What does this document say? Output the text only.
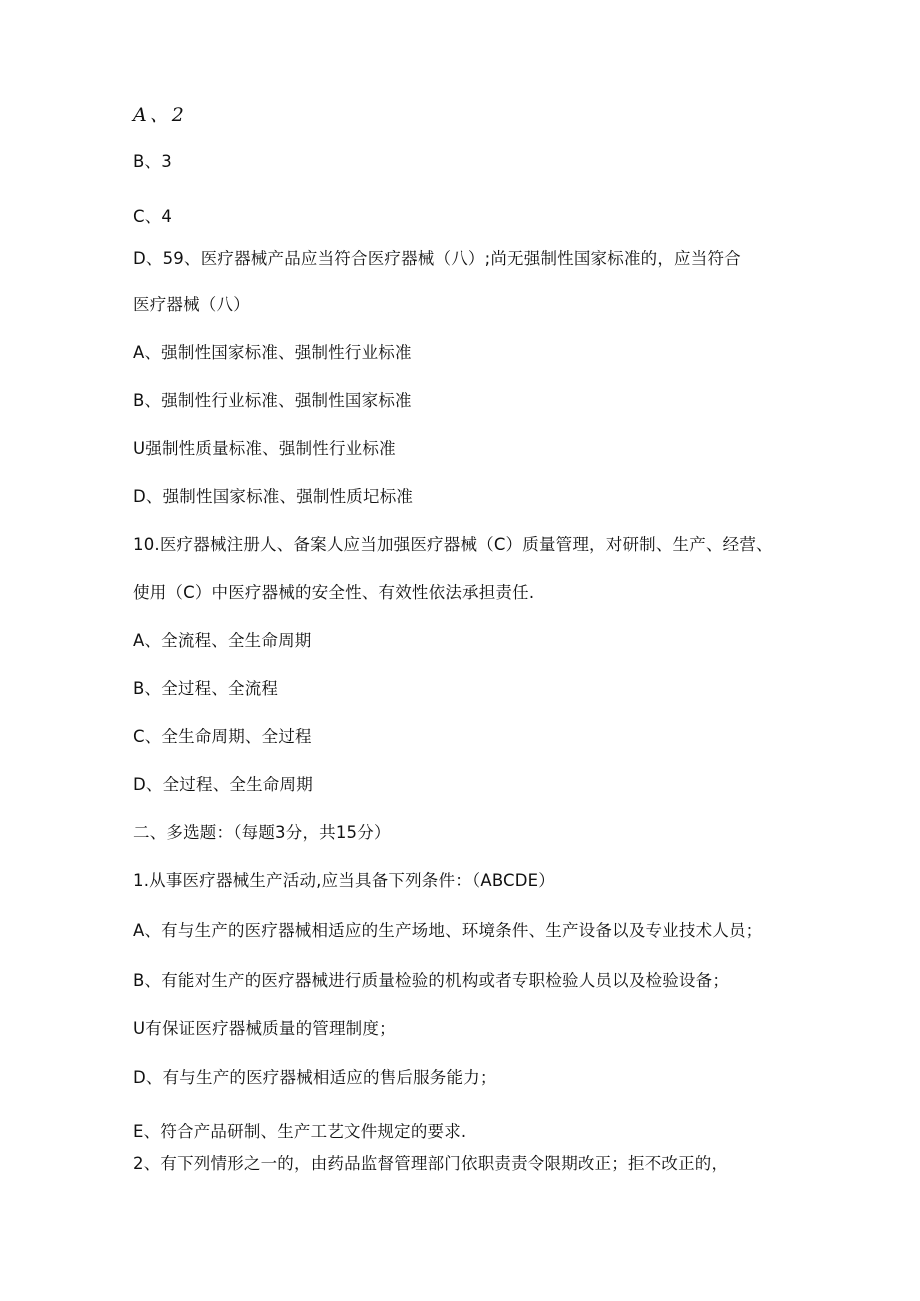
A、2
B、3
C、4
D、59、医疗器械产品应当符合医疗器械（八）;尚无强制性国家标准的，应当符合
医疗器械（八）
A、强制性国家标准、强制性行业标准
B、强制性行业标准、强制性国家标准
U强制性质量标准、强制性行业标准
D、强制性国家标准、强制性质圮标准
10.医疗器械注册人、备案人应当加强医疗器械（C）质量管理，对研制、生产、经营、
使用（C）中医疗器械的安全性、有效性依法承担责任.
A、全流程、全生命周期
B、全过程、全流程
C、全生命周期、全过程
D、全过程、全生命周期
二、多选题：（每题3分，共15分）
1.从事医疗器械生产活动,应当具备下列条件：（ABCDE）
A、有与生产的医疗器械相适应的生产场地、环境条件、生产设备以及专业技术人员；
B、有能对生产的医疗器械进行质量检验的机构或者专职检验人员以及检验设备；
U有保证医疗器械质量的管理制度；
D、有与生产的医疗器械相适应的售后服务能力；
E、符合产品研制、生产工艺文件规定的要求.
2、有下列情形之一的，由药品监督管理部门依职责责令限期改正；拒不改正的，
